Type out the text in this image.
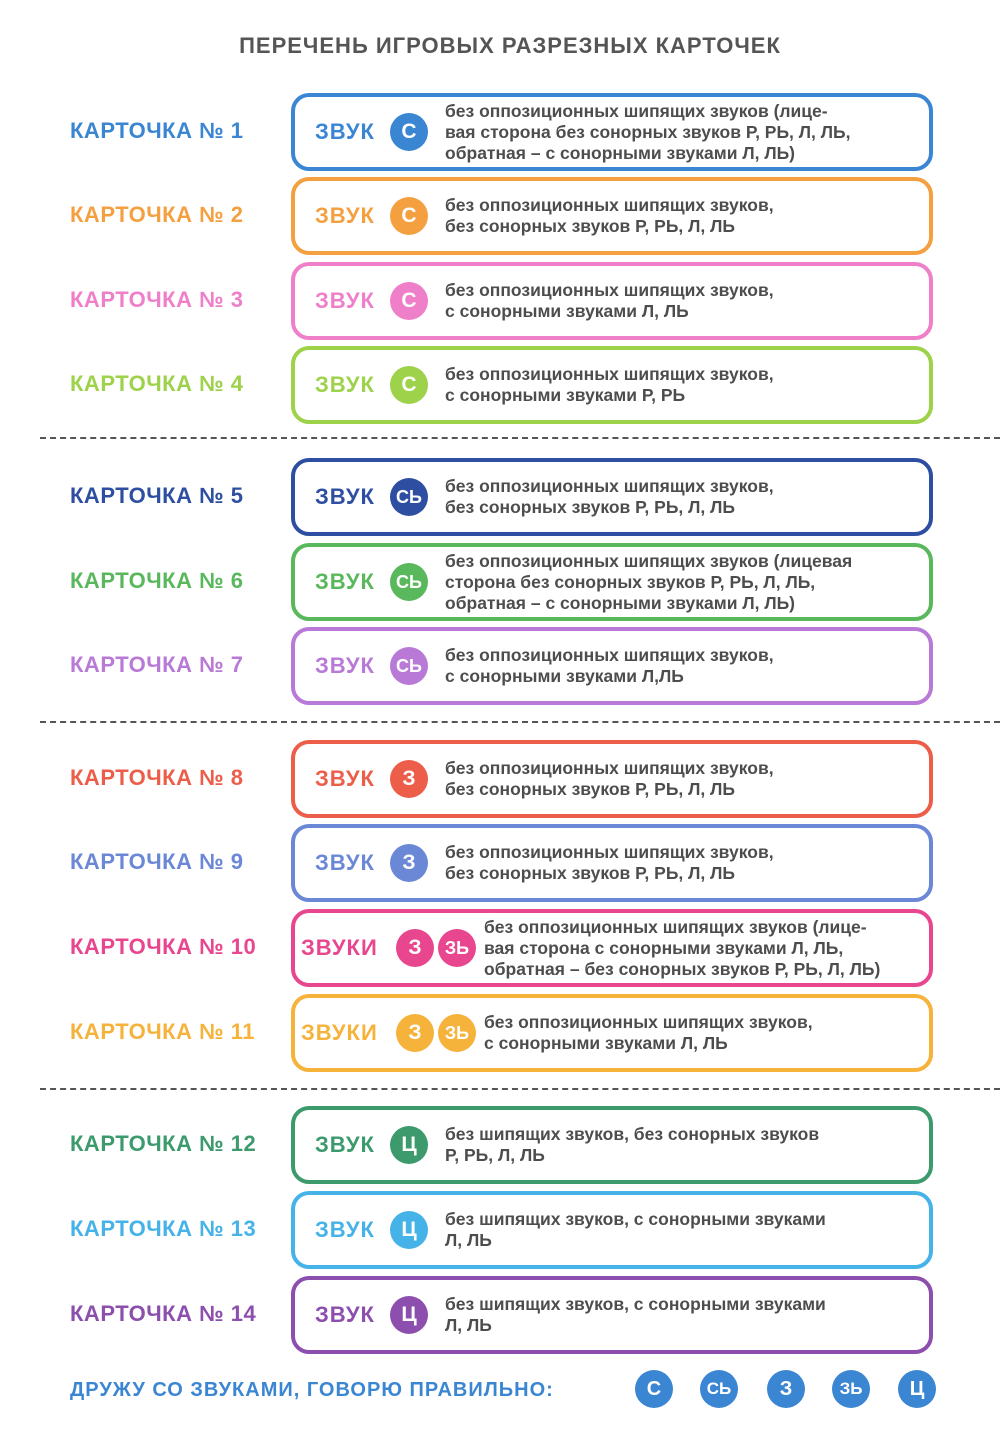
ПЕРЕЧЕНЬ ИГРОВЫХ РАЗРЕЗНЫХ КАРТОЧЕК
КАРТОЧКА № 1	ЗВУК	С
без оппозиционных шипящих звуков (лице-
вая сторона без сонорных звуков Р, РЬ, Л, ЛЬ,
обратная – с сонорными звуками Л, ЛЬ)
КАРТОЧКА № 2	ЗВУК	С	без оппозиционных шипящих звуков,
без сонорных звуков Р, РЬ, Л, ЛЬ
КАРТОЧКА № 3	ЗВУК	С	без оппозиционных шипящих звуков,
с сонорными звуками Л, ЛЬ
КАРТОЧКА № 4	ЗВУК	С	без оппозиционных шипящих звуков,
с сонорными звуками Р, РЬ
КАРТОЧКА № 5	ЗВУК	СЬ
без оппозиционных шипящих звуков,
без сонорных звуков Р, РЬ, Л, ЛЬ
КАРТОЧКА № 6	ЗВУК	СЬ
без оппозиционных шипящих звуков (лицевая
сторона без сонорных звуков Р, РЬ, Л, ЛЬ,
обратная – с сонорными звуками Л, ЛЬ)
КАРТОЧКА № 7	ЗВУК	СЬ
без оппозиционных шипящих звуков,
с сонорными звуками Л,ЛЬ
КАРТОЧКА № 8	ЗВУК	З	без оппозиционных шипящих звуков,
без сонорных звуков Р, РЬ, Л, ЛЬ
КАРТОЧКА № 9	ЗВУК	З	без оппозиционных шипящих звуков,
без сонорных звуков Р, РЬ, Л, ЛЬ
КАРТОЧКА № 10 ЗВУКИ	З	ЗЬ
без оппозиционных шипящих звуков (лице-
вая сторона с сонорными звуками Л, ЛЬ,
обратная – без сонорных звуков Р, РЬ, Л, ЛЬ)
КАРТОЧКА № 11 ЗВУКИ	З	ЗЬ
без оппозиционных шипящих звуков,
с сонорными звуками Л, ЛЬ
КАРТОЧКА № 12	ЗВУК	Ц	без шипящих звуков, без сонорных звуков
Р, РЬ, Л, ЛЬ
КАРТОЧКА № 13	ЗВУК	Ц	без шипящих звуков, с сонорными звуками
Л, ЛЬ
КАРТОЧКА № 14	ЗВУК	Ц	без шипящих звуков, с сонорными звуками
Л, ЛЬ
ДРУЖУ СО ЗВУКАМИ, ГОВОРЮ ПРАВИЛЬНО:	С	СЬ	З	ЗЬ	Ц
